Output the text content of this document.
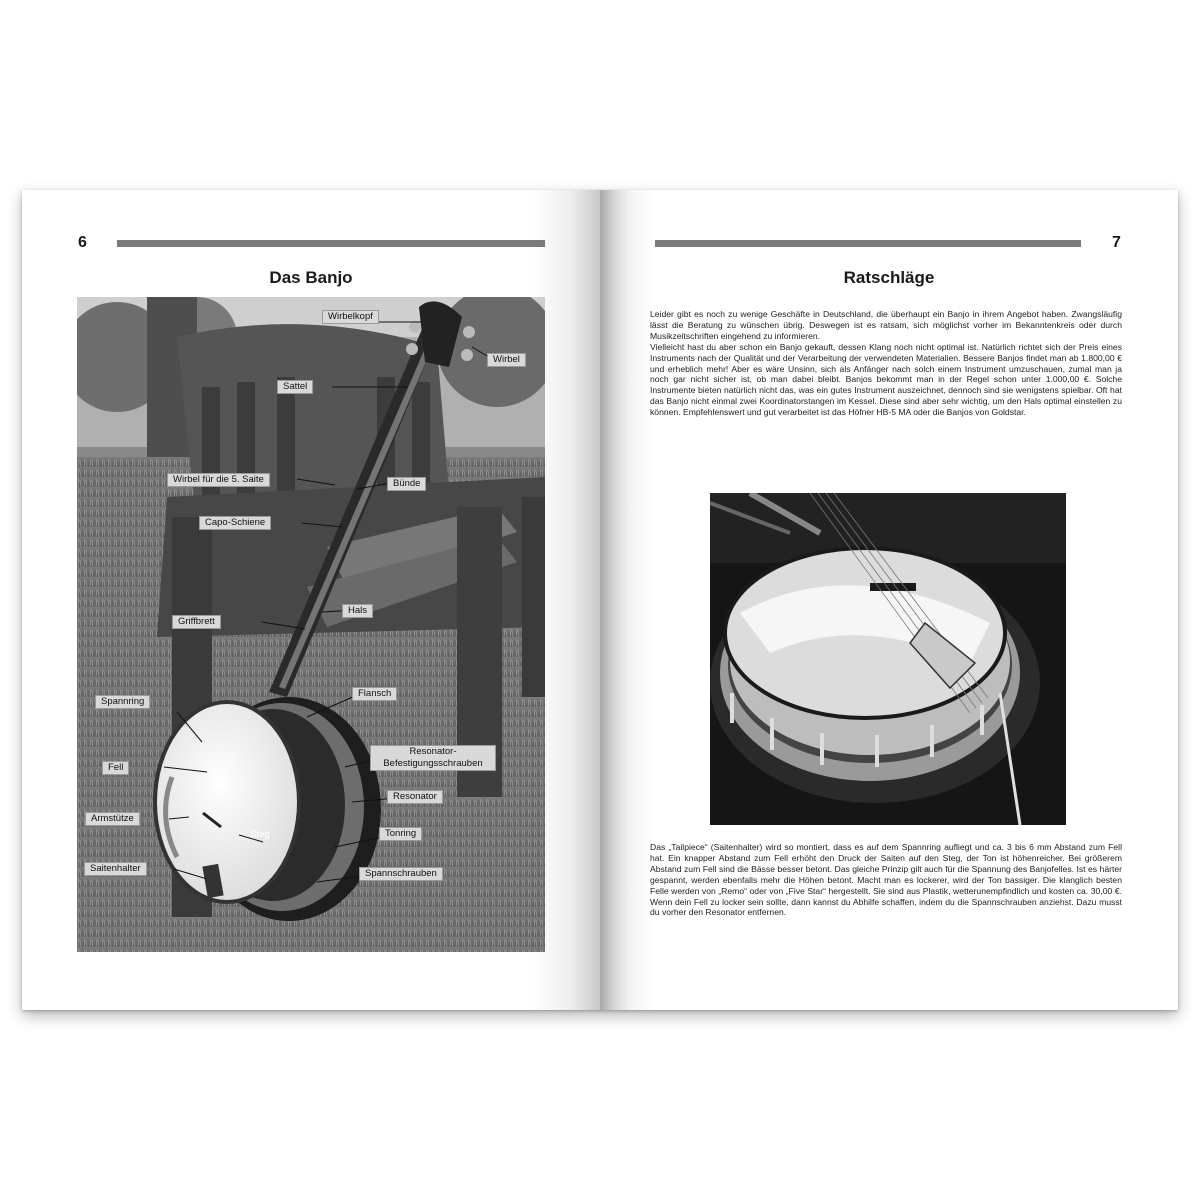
6
Das Banjo
Wirbelkopf
Wirbel
Sattel
Wirbel für die 5. Saite	Bünde
Capo-Schiene
Hals
Griffbrett
Flansch
Spannring
Resonator-Befestigungsschrauben
Fell
Resonator
Armstütze
Steg	Tonring
Saitenhalter	Spannschrauben
7
Ratschläge

Leider gibt es noch zu wenige Geschäfte in Deutschland, die überhaupt ein Banjo in ihrem Angebot haben. Zwangsläufig lässt die Beratung zu wünschen übrig. Deswegen ist es ratsam, sich möglichst vorher im Bekanntenkreis oder durch Musikzeitschriften eingehend zu informieren.

Vielleicht hast du aber schon ein Banjo gekauft, dessen Klang noch nicht optimal ist. Natürlich richtet sich der Preis eines Instruments nach der Qualität und der Verarbeitung der verwendeten Materialien. Bessere Banjos findet man ab 1.800,00 € und erheblich mehr! Aber es wäre Unsinn, sich als Anfänger nach solch einem Instrument umzuschauen, zumal man ja noch gar nicht sicher ist, ob man dabei bleibt. Banjos bekommt man in der Regel schon unter 1.000,00 €. Solche Instrumente bieten natürlich nicht das, was ein gutes Instrument auszeichnet, dennoch sind sie wenigstens spielbar. Oft hat das Banjo nicht einmal zwei Koordinatorstangen im Kessel. Diese sind aber sehr wichtig, um den Hals optimal einstellen zu können. Empfehlenswert und gut verarbeitet ist das Höfner HB-5 MA oder die Banjos von Goldstar.

Das „Tailpiece“ (Saitenhalter) wird so montiert, dass es auf dem Spannring aufliegt und ca. 3 bis 6 mm Abstand zum Fell hat. Ein knapper Abstand zum Fell erhöht den Druck der Saiten auf den Steg, der Ton ist höhenreicher. Bei größerem Abstand zum Fell sind die Bässe besser betont. Das gleiche Prinzip gilt auch für die Spannung des Banjofelles. Ist es härter gespannt, werden ebenfalls mehr die Höhen betont. Macht man es lockerer, wird der Ton bassiger. Die klanglich besten Felle werden von „Remo“ oder von „Five Star“ hergestellt. Sie sind aus Plastik, wetterunempfindlich und kosten ca. 30,00 €. Wenn dein Fell zu locker sein sollte, dann kannst du Abhilfe schaffen, indem du die Spannschrauben anziehst. Dazu musst du vorher den Resonator entfernen.
